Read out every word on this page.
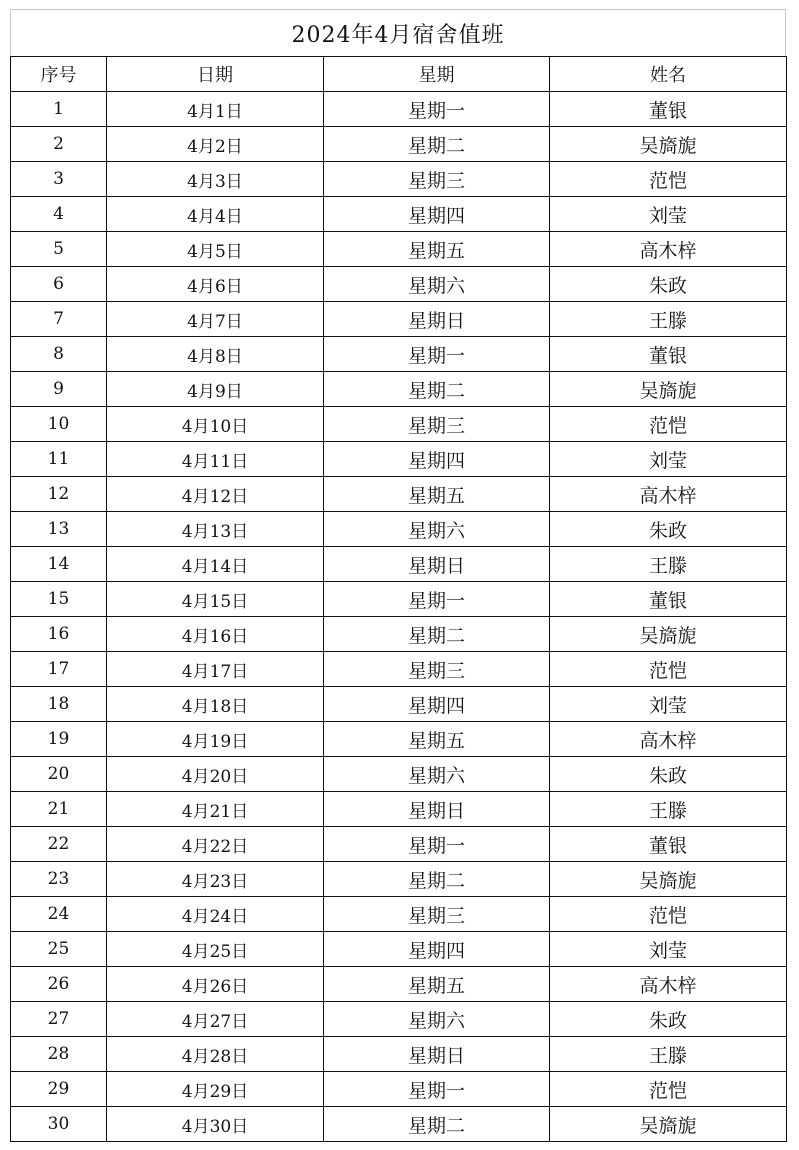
2024年4月宿舍值班
序号	日期	星期	姓名
1	4月1日	星期一	董银
2	4月2日	星期二	吴旖旎
3	4月3日	星期三	范恺
4	4月4日	星期四	刘莹
5	4月5日	星期五	高木梓
6	4月6日	星期六	朱政
7	4月7日	星期日	王滕
8	4月8日	星期一	董银
9	4月9日	星期二	吴旖旎
10	4月10日	星期三	范恺
11	4月11日	星期四	刘莹
12	4月12日	星期五	高木梓
13	4月13日	星期六	朱政
14	4月14日	星期日	王滕
15	4月15日	星期一	董银
16	4月16日	星期二	吴旖旎
17	4月17日	星期三	范恺
18	4月18日	星期四	刘莹
19	4月19日	星期五	高木梓
20	4月20日	星期六	朱政
21	4月21日	星期日	王滕
22	4月22日	星期一	董银
23	4月23日	星期二	吴旖旎
24	4月24日	星期三	范恺
25	4月25日	星期四	刘莹
26	4月26日	星期五	高木梓
27	4月27日	星期六	朱政
28	4月28日	星期日	王滕
29	4月29日	星期一	范恺
30	4月30日	星期二	吴旖旎
